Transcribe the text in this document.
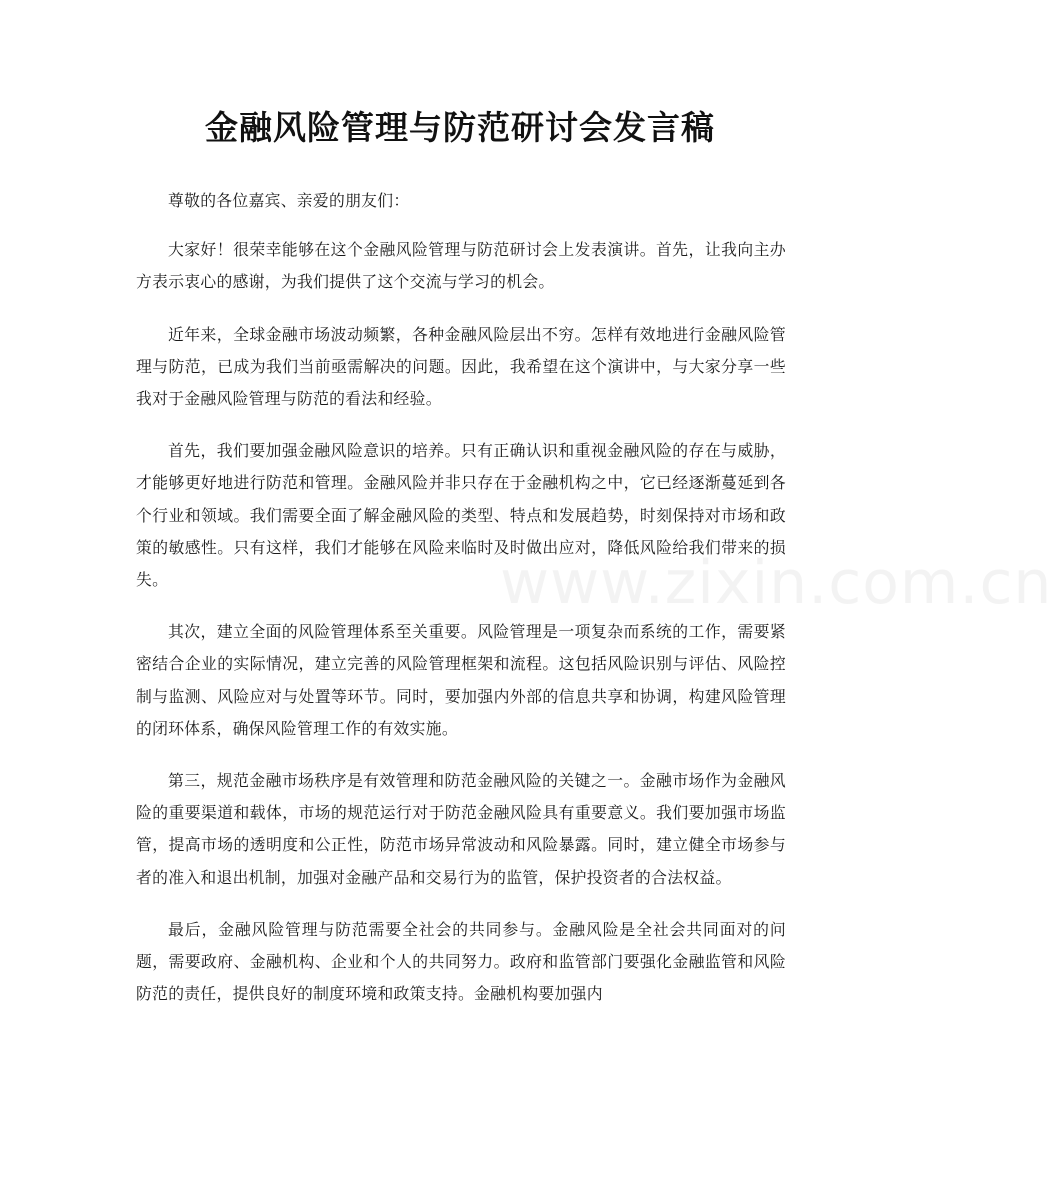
金融风险管理与防范研讨会发言稿

尊敬的各位嘉宾、亲爱的朋友们：

大家好！很荣幸能够在这个金融风险管理与防范研讨会上发表演讲。首先，让我向主办方表示衷心的感谢，为我们提供了这个交流与学习的机会。

近年来，全球金融市场波动频繁，各种金融风险层出不穷。怎样有效地进行金融风险管理与防范，已成为我们当前亟需解决的问题。因此，我希望在这个演讲中，与大家分享一些我对于金融风险管理与防范的看法和经验。

首先，我们要加强金融风险意识的培养。只有正确认识和重视金融风险的存在与威胁，才能够更好地进行防范和管理。金融风险并非只存在于金融机构之中，它已经逐渐蔓延到各个行业和领域。我们需要全面了解金融风险的类型、特点和发展趋势，时刻保持对市场和政策的敏感性。只有这样，我们才能够在风险来临时及时做出应对，降低风险给我们带来的损失。

其次，建立全面的风险管理体系至关重要。风险管理是一项复杂而系统的工作，需要紧密结合企业的实际情况，建立完善的风险管理框架和流程。这包括风险识别与评估、风险控制与监测、风险应对与处置等环节。同时，要加强内外部的信息共享和协调，构建风险管理的闭环体系，确保风险管理工作的有效实施。

第三，规范金融市场秩序是有效管理和防范金融风险的关键之一。金融市场作为金融风险的重要渠道和载体，市场的规范运行对于防范金融风险具有重要意义。我们要加强市场监管，提高市场的透明度和公正性，防范市场异常波动和风险暴露。同时，建立健全市场参与者的准入和退出机制，加强对金融产品和交易行为的监管，保护投资者的合法权益。

最后，金融风险管理与防范需要全社会的共同参与。金融风险是全社会共同面对的问题，需要政府、金融机构、企业和个人的共同努力。政府和监管部门要强化金融监管和风险防范的责任，提供良好的制度环境和政策支持。金融机构要加强内

www.zixin.com.cn
